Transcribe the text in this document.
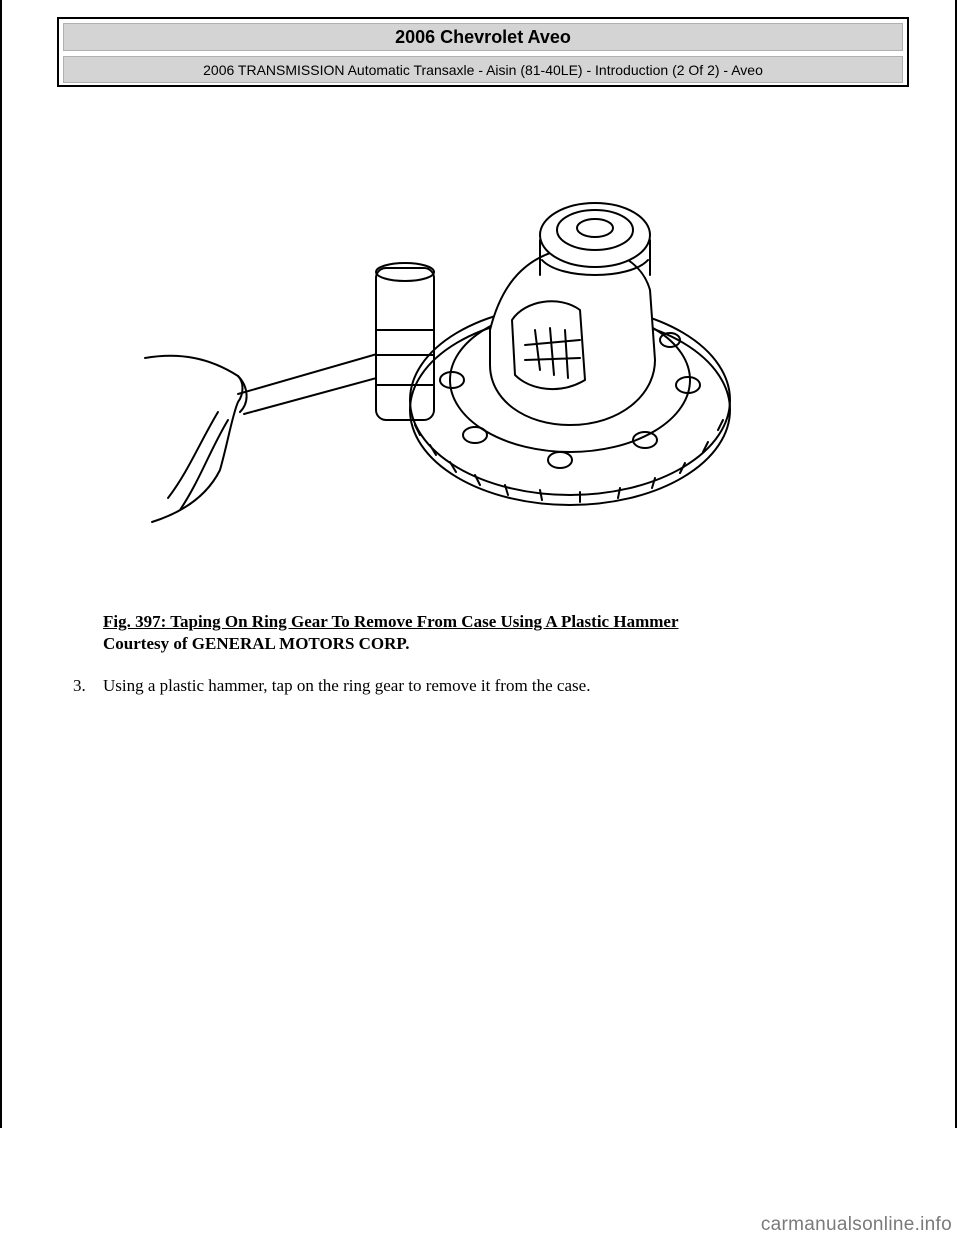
2006 Chevrolet Aveo
2006 TRANSMISSION Automatic Transaxle - Aisin (81-40LE) - Introduction (2 Of 2) - Aveo
Fig. 397: Taping On Ring Gear To Remove From Case Using A Plastic Hammer
Courtesy of GENERAL MOTORS CORP.
3. Using a plastic hammer, tap on the ring gear to remove it from the case.
carmanualsonline.info
